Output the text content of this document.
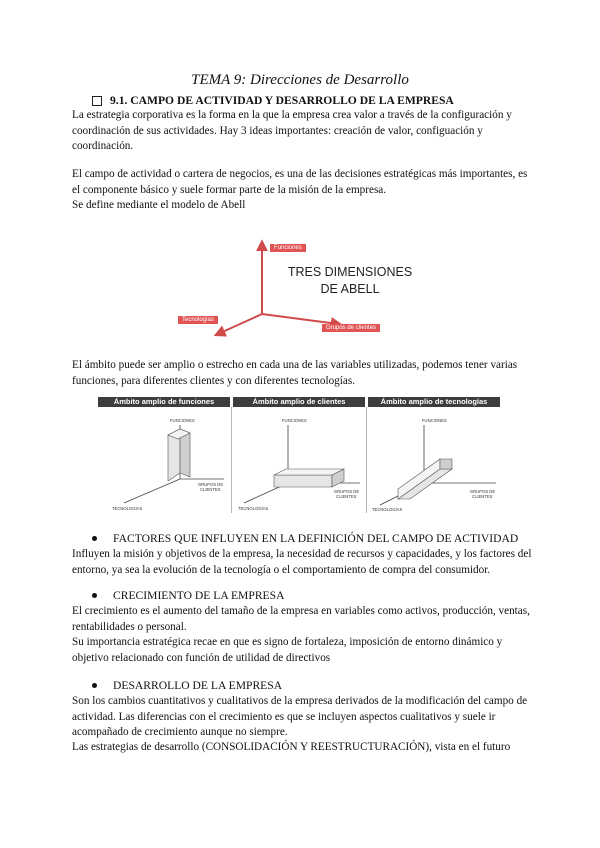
TEMA 9: Direcciones de Desarrollo
9.1. CAMPO DE ACTIVIDAD Y DESARROLLO DE LA EMPRESA
La estrategia corporativa es la forma en la que la empresa crea valor a través de la configuración y coordinación de sus actividades. Hay 3 ideas importantes: creación de valor, configuación y coordinación.
El campo de actividad o cartera de negocios, es una de las decisiones estratégicas más importantes, es el componente básico y suele formar parte de la misión de la empresa.
Se define mediante el modelo de Abell
Funciones
Tecnologías
Grupos de clientes
TRES DIMENSIONES
DE ABELL
El ámbito puede ser amplio o estrecho en cada una de las variables utilizadas, podemos tener varias funciones, para diferentes clientes y con diferentes tecnologías.
Ámbito amplio de funciones	Ámbito amplio de clientes	Ámbito amplio de tecnologías
FUNCIONES
GRUPOS DE
CLIENTES
TECNOLOGÍAS
FUNCIONES
GRUPOS DE
CLIENTES
TECNOLOGÍAS
FUNCIONES
GRUPOS DE
CLIENTES
TECNOLOGÍAS
FACTORES QUE INFLUYEN EN LA DEFINICIÓN DEL CAMPO DE ACTIVIDAD
Influyen la misión y objetivos de la empresa, la necesidad de recursos y capacidades, y los factores del entorno, ya sea la evolución de la tecnología o el comportamiento de compra del consumidor.
CRECIMIENTO DE LA EMPRESA
El crecimiento es el aumento del tamaño de la empresa en variables como activos, producción, ventas, rentabilidades o personal.
Su importancia estratégica recae en que es signo de fortaleza, imposición de entorno dinámico y objetivo relacionado con función de utilidad de directivos
DESARROLLO DE LA EMPRESA
Son los cambios cuantitativos y cualitativos de la empresa derivados de la modificación del campo de actividad. Las diferencias con el crecimiento es que se incluyen aspectos cualitativos y suele ir acompañado de crecimiento aunque no siempre.
Las estrategias de desarrollo (CONSOLIDACIÓN Y REESTRUCTURACIÓN), vista en el futuro
